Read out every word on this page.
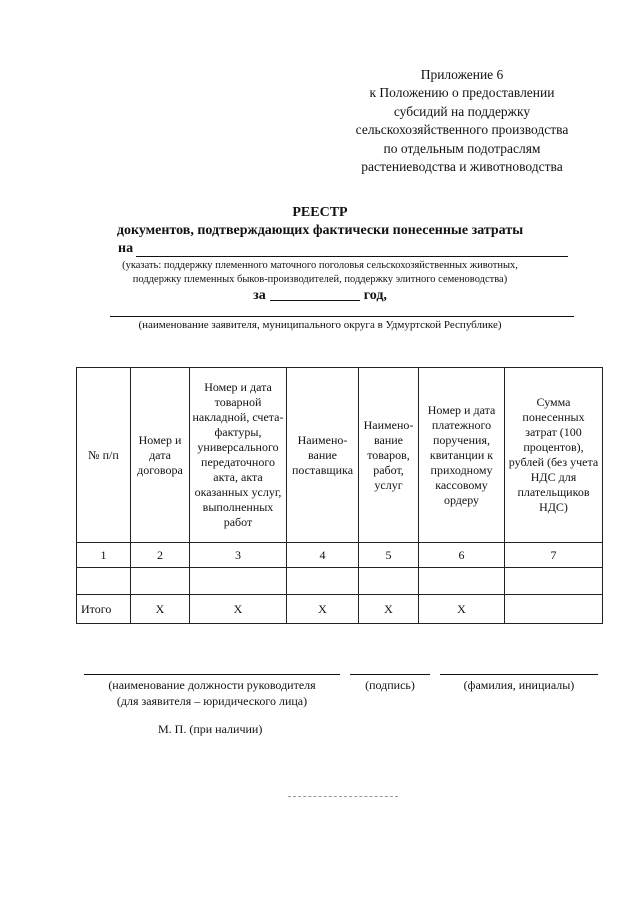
Приложение 6
к Положению о предоставлении
субсидий на поддержку
сельскохозяйственного производства
по отдельным подотраслям
растениеводства и животноводства
РЕЕСТР
документов, подтверждающих фактически понесенные затраты
на
(указать: поддержку племенного маточного поголовья сельскохозяйственных животных,
поддержку племенных быков-производителей, поддержку элитного семеноводства)
за	год,
(наименование заявителя, муниципального округа в Удмуртской Республике)
№ п/п	Номер и дата договора	Номер и дата товарной накладной, счета-фактуры, универсального передаточного акта, акта оказанных услуг, выполненных работ	Наимено-вание поставщика	Наимено-вание товаров, работ, услуг	Номер и дата платежного поручения, квитанции к приходному кассовому ордеру	Сумма понесенных затрат (100 процентов), рублей (без учета НДС для плательщиков НДС)
1	2	3	4	5	6	7

Итого	Х	Х	Х	Х	Х	
(наименование должности руководителя
(для заявителя – юридического лица)
(подпись)	(фамилия, инициалы)
М. П. (при наличии)
